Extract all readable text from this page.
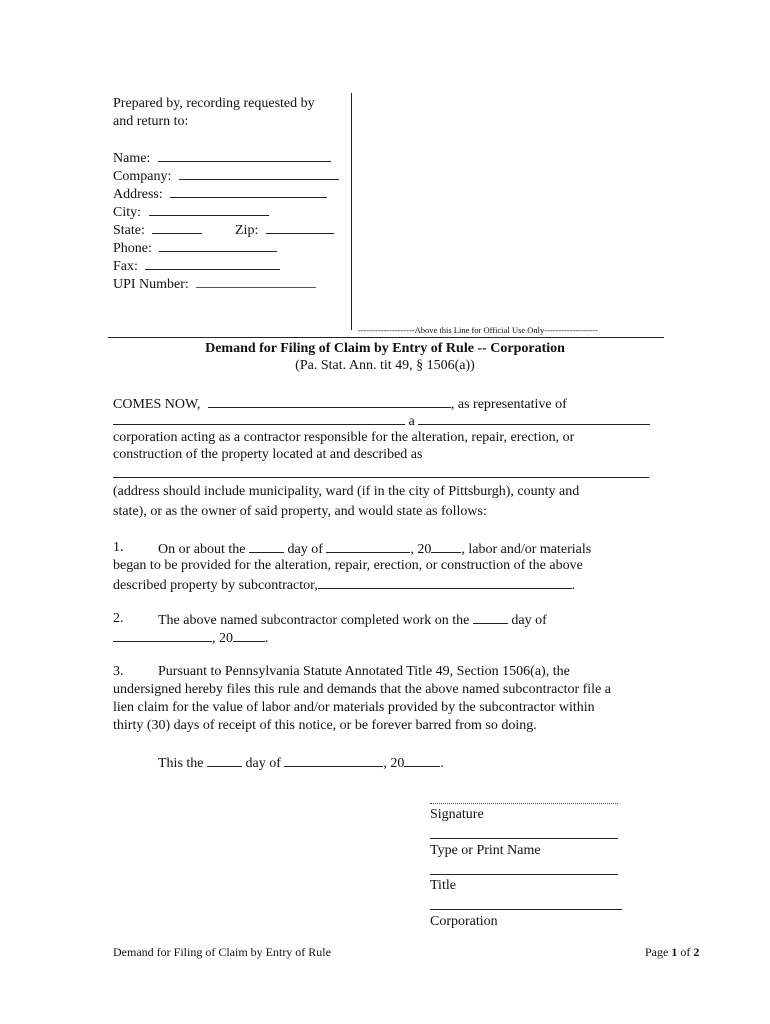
Prepared by, recording requested by
and return to:
Name:
Company:
Address:
City:
State:	Zip:
Phone:
Fax:
UPI Number:
--------------------Above this Line for Official Use Only-------------------
Demand for Filing of Claim by Entry of Rule -- Corporation
(Pa. Stat. Ann. tit 49, § 1506(a))
COMES NOW,	, as representative of
a
corporation acting as a contractor responsible for the alteration, repair, erection, or
construction of the property located at and described as
(address should include municipality, ward (if in the city of Pittsburgh), county and
state), or as the owner of said property, and would state as follows:
1. On or about the	day of	, 20 , labor and/or materials
began to be provided for the alteration, repair, erection, or construction of the above
described property by subcontractor,	.
2. The above named subcontractor completed work on the	day of
, 20 .
3. Pursuant to Pennsylvania Statute Annotated Title 49, Section 1506(a), the
undersigned hereby files this rule and demands that the above named subcontractor file a
lien claim for the value of labor and/or materials provided by the subcontractor within
thirty (30) days of receipt of this notice, or be forever barred from so doing.
This the	day of	, 20	.
Signature
Type or Print Name
Title
Corporation
Demand for Filing of Claim by Entry of Rule	Page 1 of 2
